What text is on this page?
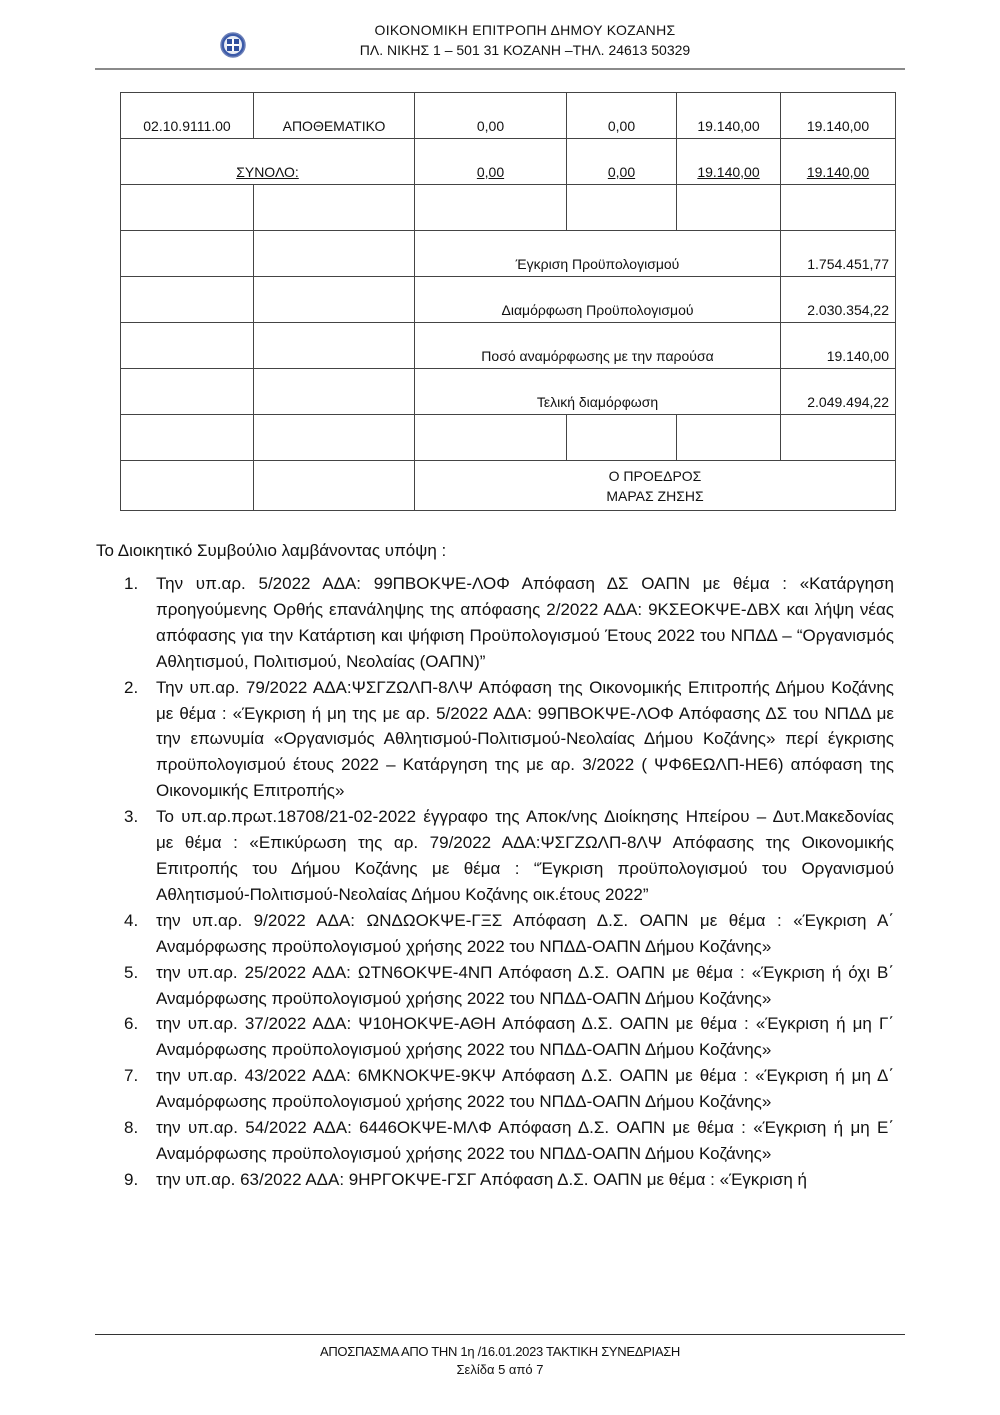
ΟΙΚΟΝΟΜΙΚΗ ΕΠΙΤΡΟΠΗ ΔΗΜΟΥ ΚΟΖΑΝΗΣ
ΠΛ. ΝΙΚΗΣ 1 – 501 31 ΚΟΖΑΝΗ –ΤΗΛ. 24613 50329
02.10.9111.00	ΑΠΟΘΕΜΑΤΙΚΟ	0,00	0,00	19.140,00	19.140,00
ΣΥΝΟΛΟ:		0,00	0,00	19.140,00	19.140,00

		Έγκριση Προϋπολογισμού			1.754.451,77
		Διαμόρφωση Προϋπολογισμού			2.030.354,22
		Ποσό αναμόρφωσης με την παρούσα			19.140,00
		Τελική διαμόρφωση			2.049.494,22

		Ο ΠΡΟΕΔΡΟΣ
ΜΑΡΑΣ ΖΗΣΗΣ			
Το Διοικητικό Συμβούλιο λαμβάνοντας υπόψη :
1. Την υπ.αρ. 5/2022 ΑΔΑ: 99ΠΒΟΚΨΕ-ΛΟΦ Απόφαση ΔΣ ΟΑΠΝ με θέμα : «Κατάργηση προηγούμενης Ορθής επανάληψης της απόφασης 2/2022 ΑΔΑ: 9ΚΣΕΟΚΨΕ-ΔΒΧ και λήψη νέας απόφασης για την Κατάρτιση και ψήφιση Προϋπολογισμού Έτους 2022 του ΝΠΔΔ – “Οργανισμός Αθλητισμού, Πολιτισμού, Νεολαίας (ΟΑΠΝ)”
2. Την υπ.αρ. 79/2022 ΑΔΑ:ΨΣΓΖΩΛΠ-8ΛΨ Απόφαση της Οικονομικής Επιτροπής Δήμου Κοζάνης με θέμα : «Έγκριση ή μη της με αρ. 5/2022 ΑΔΑ: 99ΠΒΟΚΨΕ-ΛΟΦ Απόφασης ΔΣ του ΝΠΔΔ με την επωνυμία «Οργανισμός Αθλητισμού-Πολιτισμού-Νεολαίας Δήμου Κοζάνης» περί έγκρισης προϋπολογισμού έτους 2022 – Κατάργηση της με αρ. 3/2022 ( ΨΦ6ΕΩΛΠ-ΗΕ6) απόφαση της Οικονομικής Επιτροπής»
3. Το υπ.αρ.πρωτ.18708/21-02-2022 έγγραφο της Αποκ/νης Διοίκησης Ηπείρου – Δυτ.Μακεδονίας με θέμα : «Επικύρωση της αρ. 79/2022 ΑΔΑ:ΨΣΓΖΩΛΠ-8ΛΨ Απόφασης της Οικονομικής Επιτροπής του Δήμου Κοζάνης με θέμα : “Έγκριση προϋπολογισμού του Οργανισμού Αθλητισμού-Πολιτισμού-Νεολαίας Δήμου Κοζάνης οικ.έτους 2022”
4. την υπ.αρ. 9/2022 ΑΔΑ: ΩΝΔΩΟΚΨΕ-ΓΞΣ Απόφαση Δ.Σ. ΟΑΠΝ με θέμα : «Έγκριση Α΄ Αναμόρφωσης προϋπολογισμού χρήσης 2022 του ΝΠΔΔ-ΟΑΠΝ Δήμου Κοζάνης»
5. την υπ.αρ. 25/2022 ΑΔΑ: ΩΤΝ6ΟΚΨΕ-4ΝΠ Απόφαση Δ.Σ. ΟΑΠΝ με θέμα : «Έγκριση ή όχι Β΄ Αναμόρφωσης προϋπολογισμού χρήσης 2022 του ΝΠΔΔ-ΟΑΠΝ Δήμου Κοζάνης»
6. την υπ.αρ. 37/2022 ΑΔΑ: Ψ10ΗΟΚΨΕ-ΑΘΗ Απόφαση Δ.Σ. ΟΑΠΝ με θέμα : «Έγκριση ή μη Γ΄ Αναμόρφωσης προϋπολογισμού χρήσης 2022 του ΝΠΔΔ-ΟΑΠΝ Δήμου Κοζάνης»
7. την υπ.αρ. 43/2022 ΑΔΑ: 6ΜΚΝΟΚΨΕ-9ΚΨ Απόφαση Δ.Σ. ΟΑΠΝ με θέμα : «Έγκριση ή μη Δ΄ Αναμόρφωσης προϋπολογισμού χρήσης 2022 του ΝΠΔΔ-ΟΑΠΝ Δήμου Κοζάνης»
8. την υπ.αρ. 54/2022 ΑΔΑ: 6446ΟΚΨΕ-ΜΛΦ Απόφαση Δ.Σ. ΟΑΠΝ με θέμα : «Έγκριση ή μη Ε΄ Αναμόρφωσης προϋπολογισμού χρήσης 2022 του ΝΠΔΔ-ΟΑΠΝ Δήμου Κοζάνης»
9. την υπ.αρ. 63/2022 ΑΔΑ: 9ΗΡΓΟΚΨΕ-ΓΣΓ Απόφαση Δ.Σ. ΟΑΠΝ με θέμα : «Έγκριση ή
ΑΠΟΣΠΑΣΜΑ ΑΠΟ ΤΗΝ 1η /16.01.2023 ΤΑΚΤΙΚΗ ΣΥΝΕΔΡΙΑΣΗ
Σελίδα 5 από 7
